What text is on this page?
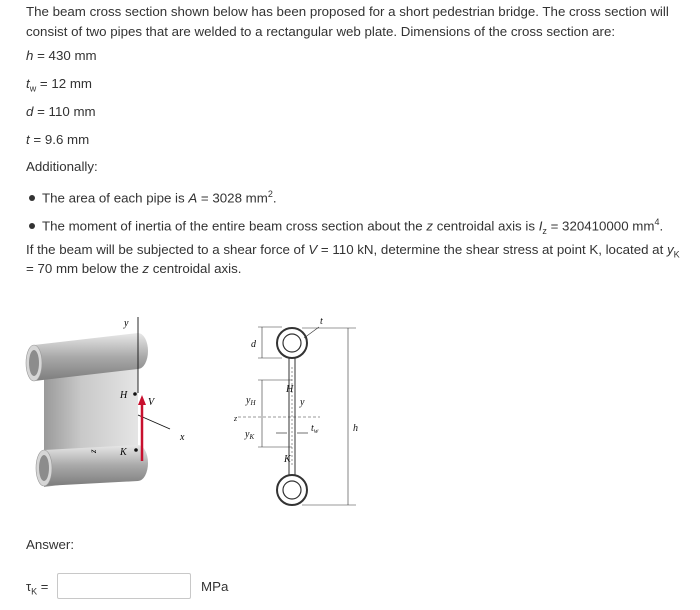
The beam cross section shown below has been proposed for a short pedestrian bridge. The cross section will consist of two pipes that are welded to a rectangular web plate. Dimensions of the cross section are:

h = 430 mm
$t_w = 12$ mm
d = 110 mm
t = 9.6 mm
Additionally:
The area of each pipe is A = 3028 $mm^2$.
The moment of inertia of the entire beam cross section about the z centroidal axis is $I_z = 320410000$ $mm^4$.
If the beam will be subjected to a shear force of V = 110 kN, determine the shear stress at point K, located at $y_K$
= 70 mm below the z centroidal axis.
y
x
z
H
K
V
d
t
H
y
$y_H$
z
$y_K$
$t_w$
K
h
Answer:
$\tau_K$ =	MPa
